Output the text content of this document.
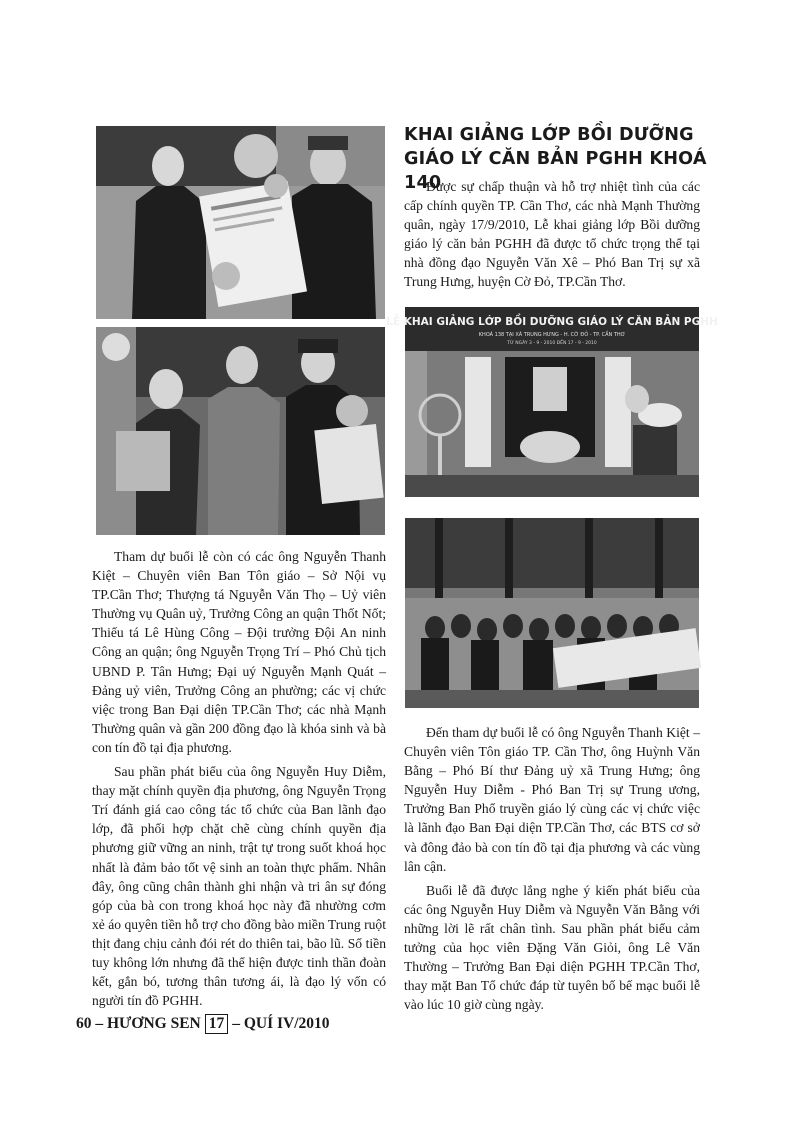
LỄ KHAI GIẢNG LỚP BỒI DƯỠNG GIÁO LÝ CĂN BẢN PGHH
KHOÁ 138 TẠI XÃ TRUNG HƯNG - H. CỜ ĐỎ - TP. CẦN THƠ
TỪ NGÀY 3 - 9 - 2010 ĐẾN 17 - 9 - 2010
KHAI GIẢNG LỚP BỒI DƯỠNG GIÁO LÝ CĂN BẢN PGHH KHOÁ 140

Được sự chấp thuận và hỗ trợ nhiệt tình của các cấp chính quyền TP. Cần Thơ, các nhà Mạnh Thường quân, ngày 17/9/2010, Lễ khai giảng lớp Bồi dưỡng giáo lý căn bản PGHH đã được tổ chức trọng thể tại nhà đồng đạo Nguyễn Văn Xê – Phó Ban Trị sự xã Trung Hưng, huyện Cờ Đỏ, TP.Cần Thơ.

Đến tham dự buổi lễ có ông Nguyễn Thanh Kiệt – Chuyên viên Tôn giáo TP. Cần Thơ, ông Huỳnh Văn Bằng – Phó Bí thư Đảng uỷ xã Trung Hưng; ông Nguyễn Huy Diễm - Phó Ban Trị sự Trung ương, Trưởng Ban Phổ truyền giáo lý cùng các vị chức việc là lãnh đạo Ban Đại diện TP.Cần Thơ, các BTS cơ sở và đông đảo bà con tín đồ tại địa phương và các vùng lân cận.

Buổi lễ đã được lắng nghe ý kiến phát biểu của các ông Nguyễn Huy Diễm và Nguyễn Văn Bằng với những lời lẽ rất chân tình. Sau phần phát biểu cảm tưởng của học viên Đặng Văn Giỏi, ông Lê Văn Thường – Trưởng Ban Đại diện PGHH TP.Cần Thơ, thay mặt Ban Tổ chức đáp từ tuyên bố bế mạc buổi lễ vào lúc 10 giờ cùng ngày.

Tham dự buổi lễ còn có các ông Nguyễn Thanh Kiệt – Chuyên viên Ban Tôn giáo – Sở Nội vụ TP.Cần Thơ; Thượng tá Nguyễn Văn Thọ – Uỷ viên Thường vụ Quân uỷ, Trưởng Công an quận Thốt Nốt; Thiếu tá Lê Hùng Công – Đội trưởng Đội An ninh Công an quận; ông Nguyễn Trọng Trí – Phó Chủ tịch UBND P. Tân Hưng; Đại uý Nguyễn Mạnh Quát – Đảng uỷ viên, Trưởng Công an phường; các vị chức việc trong Ban Đại diện TP.Cần Thơ; các nhà Mạnh Thường quân và gần 200 đồng đạo là khóa sinh và bà con tín đồ tại địa phương.

Sau phần phát biểu của ông Nguyễn Huy Diễm, thay mặt chính quyền địa phương, ông Nguyễn Trọng Trí đánh giá cao công tác tổ chức của Ban lãnh đạo lớp, đã phối hợp chặt chẽ cùng chính quyền địa phương giữ vững an ninh, trật tự trong suốt khoá học nhất là đảm bảo tốt vệ sinh an toàn thực phẩm. Nhân đây, ông cũng chân thành ghi nhận và tri ân sự đóng góp của bà con trong khoá học này đã nhường cơm xẻ áo quyên tiền hỗ trợ cho đồng bào miền Trung ruột thịt đang chịu cảnh đói rét do thiên tai, bão lũ. Số tiền tuy không lớn nhưng đã thể hiện được tinh thần đoàn kết, gắn bó, tương thân tương ái, là đạo lý vốn có người tín đồ PGHH.

60 – HƯƠNG SEN 17 – QUÍ IV/2010
